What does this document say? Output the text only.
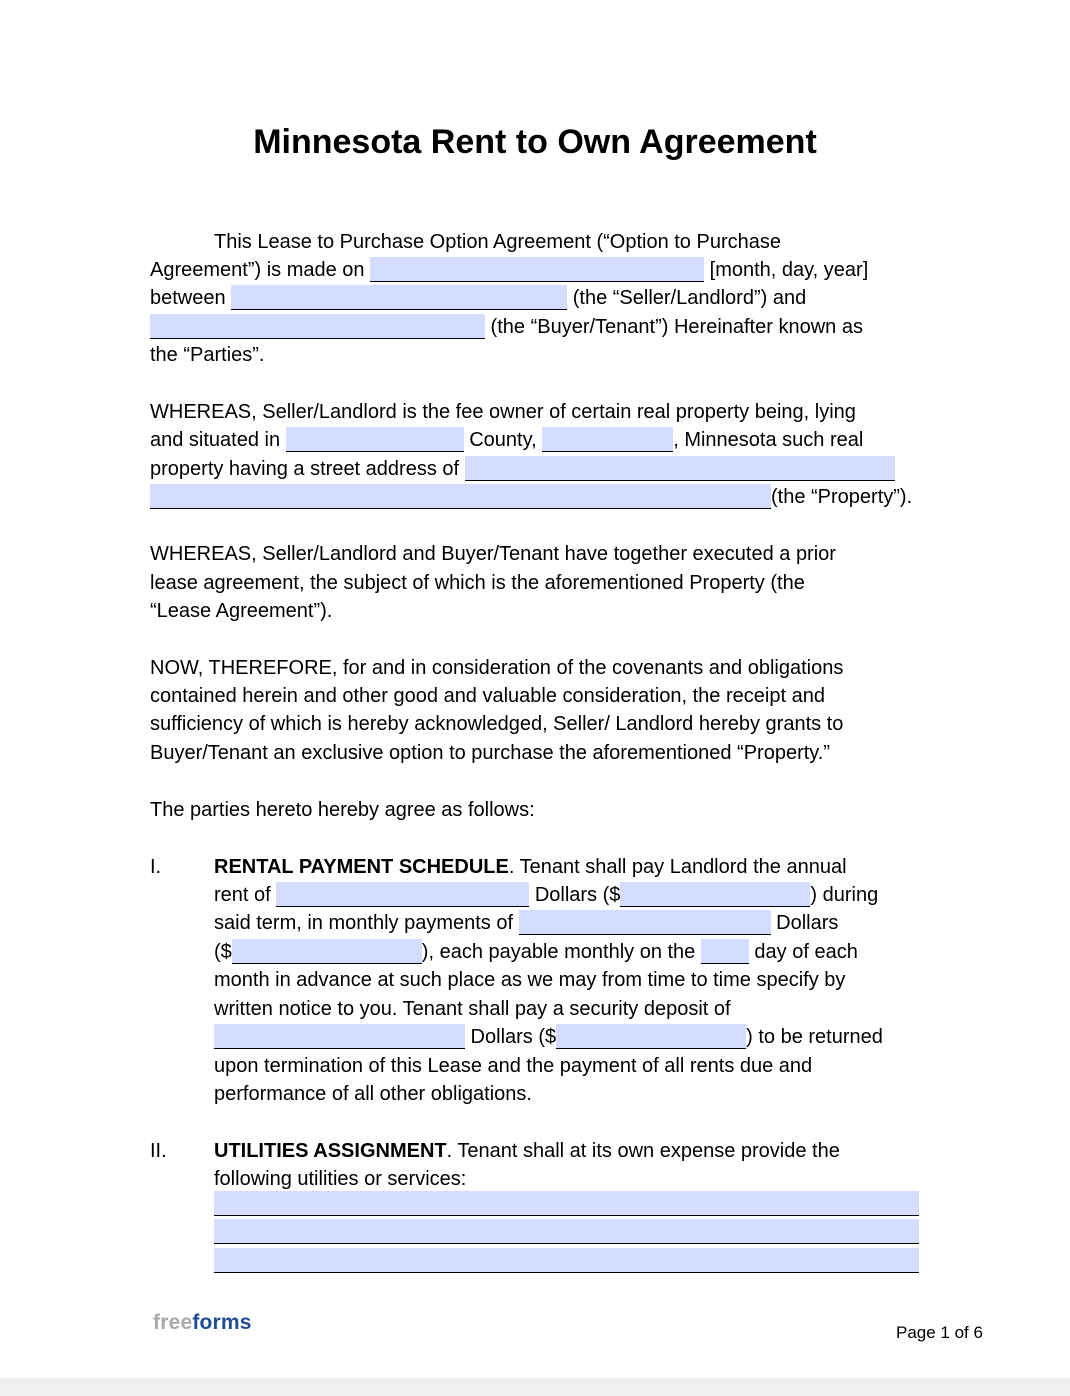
Minnesota Rent to Own Agreement
This Lease to Purchase Option Agreement (“Option to Purchase
Agreement”) is made on	[month, day, year]
between	(the “Seller/Landlord”) and
(the “Buyer/Tenant”) Hereinafter known as
the “Parties”.
WHEREAS, Seller/Landlord is the fee owner of certain real property being, lying
and situated in	County,	, Minnesota such real
property having a street address of
(the “Property”).
WHEREAS, Seller/Landlord and Buyer/Tenant have together executed a prior
lease agreement, the subject of which is the aforementioned Property (the
“Lease Agreement”).
NOW, THEREFORE, for and in consideration of the covenants and obligations
contained herein and other good and valuable consideration, the receipt and
sufficiency of which is hereby acknowledged, Seller/ Landlord hereby grants to
Buyer/Tenant an exclusive option to purchase the aforementioned “Property.”
The parties hereto hereby agree as follows:
I.	RENTAL PAYMENT SCHEDULE. Tenant shall pay Landlord the annual
rent of	Dollars ($	) during
said term, in monthly payments of	Dollars
($	), each payable monthly on the  day of each
month in advance at such place as we may from time to time specify by
written notice to you. Tenant shall pay a security deposit of
Dollars ($	) to be returned
upon termination of this Lease and the payment of all rents due and
performance of all other obligations.
II. UTILITIES ASSIGNMENT. Tenant shall at its own expense provide the
following utilities or services:
freeforms	Page 1 of 6
